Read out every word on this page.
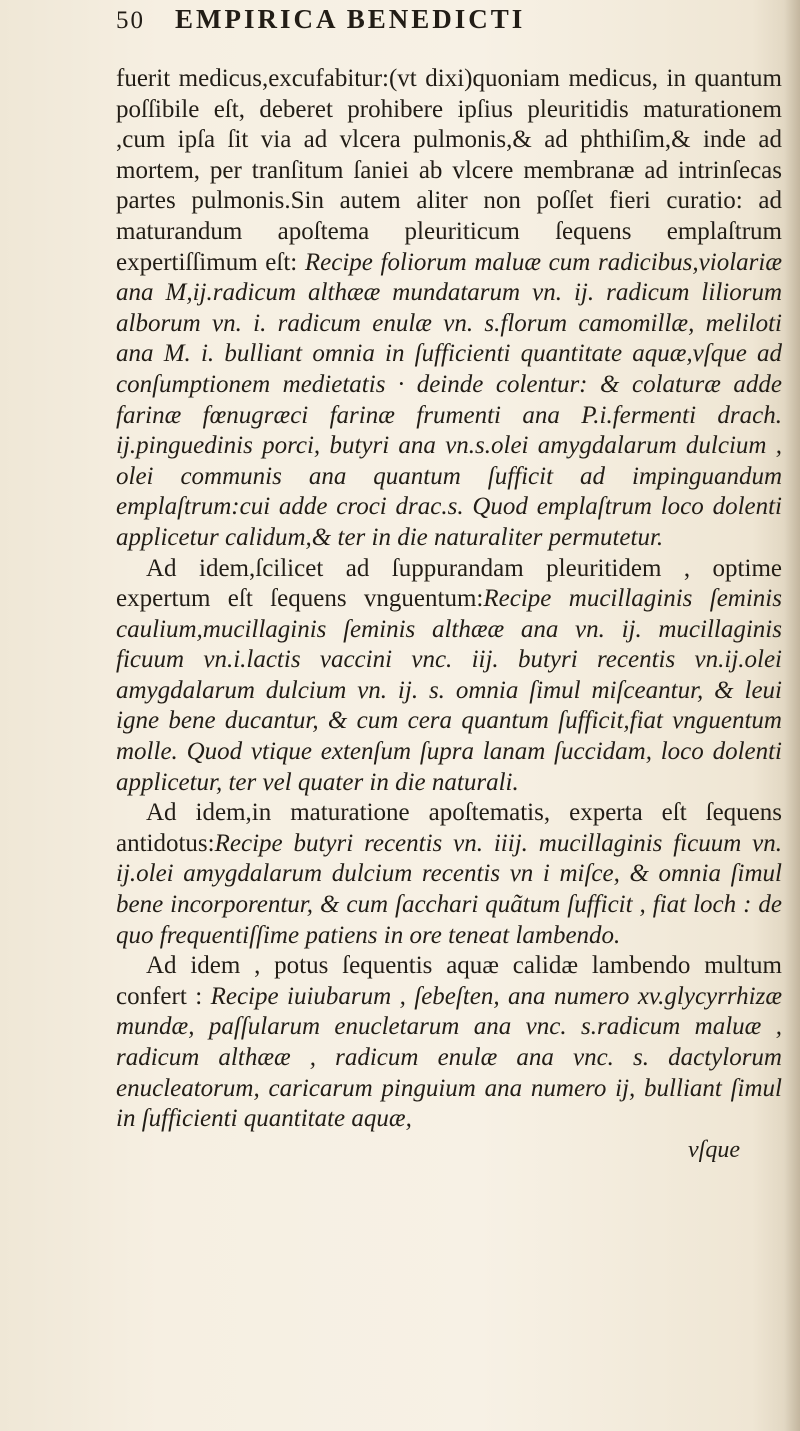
50 EMPIRICA BENEDICTI

fuerit medicus,excufabitur:(vt dixi)quoniam medicus, in quantum poſſibile eſt, deberet prohibere ipſius pleuritidis maturationem ,cum ipſa ſit via ad vlcera pulmonis,& ad phthiſim,& inde ad mortem, per tranſitum ſaniei ab vlcere membranæ ad intrinſecas partes pulmonis.Sin autem aliter non poſſet fieri curatio: ad maturandum apoſtema pleuriticum ſequens emplaſtrum expertiſſimum eſt: Recipe foliorum maluæ cum radicibus,violariæ ana M,ij.radicum althææ mundatarum vn. ij. radicum liliorum alborum vn. i. radicum enulæ vn. s.florum camomillæ, meliloti ana M. i. bulliant omnia in ſufficienti quantitate aquæ,vſque ad conſumptionem medietatis · deinde colentur: & colaturæ adde farinæ fœnugræci farinæ frumenti ana P.i.fermenti drach. ij.pinguedinis porci, butyri ana vn.s.olei amygdalarum dulcium , olei communis ana quantum ſufficit ad impinguandum emplaſtrum:cui adde croci drac.s. Quod emplaſtrum loco dolenti applicetur calidum,& ter in die naturaliter permutetur.

Ad idem,ſcilicet ad ſuppurandam pleuritidem , optime expertum eſt ſequens vnguentum:Recipe mucillaginis ſeminis caulium,mucillaginis ſeminis althææ ana vn. ij. mucillaginis ficuum vn.i.lactis vaccini vnc. iij. butyri recentis vn.ij.olei amygdalarum dulcium vn. ij. s. omnia ſimul miſceantur, & leui igne bene ducantur, & cum cera quantum ſufficit,fiat vnguentum molle. Quod vtique extenſum ſupra lanam ſuccidam, loco dolenti applicetur, ter vel quater in die naturali.

Ad idem,in maturatione apoſtematis, experta eſt ſequens antidotus:Recipe butyri recentis vn. iiij. mucillaginis ficuum vn. ij.olei amygdalarum dulcium recentis vn i miſce, & omnia ſimul bene incorporentur, & cum ſacchari quãtum ſufficit , fiat loch : de quo frequentiſſime patiens in ore teneat lambendo.

Ad idem , potus ſequentis aquæ calidæ lambendo multum confert : Recipe iuiubarum , ſebeſten, ana numero xv.glycyrrhizæ mundæ, paſſularum enucletarum ana vnc. s.radicum maluæ , radicum althææ , radicum enulæ ana vnc. s. dactylorum enucleatorum, caricarum pinguium ana numero ij, bulliant ſimul in ſufficienti quantitate aquæ,

vſque
